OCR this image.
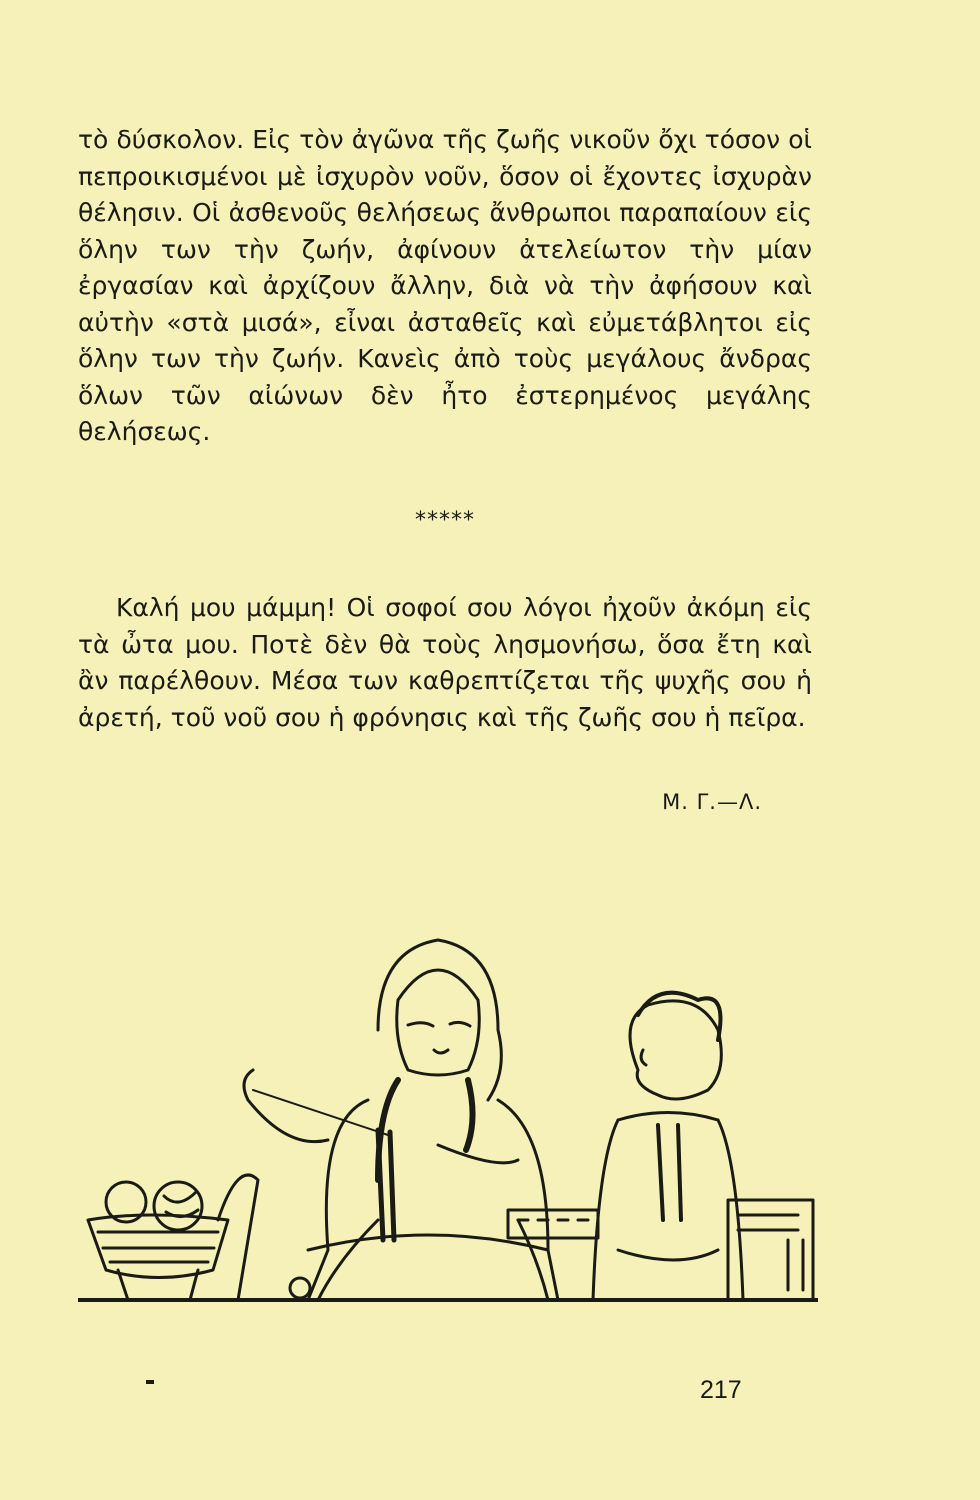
τὸ δύσκολον. Εἰς τὸν ἀγῶνα τῆς ζωῆς νικοῦν ὄχι τόσον οἱ πεπροικισμένοι μὲ ἰσχυρὸν νοῦν, ὅσον οἱ ἔχοντες ἰσχυρὰν θέλησιν. Οἱ ἀσθενοῦς θελήσεως ἄνθρωποι παραπαίουν εἰς ὅλην των τὴν ζωήν, ἀφίνουν ἀτελείωτον τὴν μίαν ἐργασίαν καὶ ἀρχίζουν ἄλλην, διὰ νὰ τὴν ἀφήσουν καὶ αὐτὴν «στὰ μισά», εἶναι ἀσταθεῖς καὶ εὐμετάβλητοι εἰς ὅλην των τὴν ζωήν. Κανεὶς ἀπὸ τοὺς μεγάλους ἄνδρας ὅλων τῶν αἰώνων δὲν ἦτο ἐστερημένος μεγάλης θελήσεως.

*****
Καλή μου μάμμη! Οἱ σοφοί σου λόγοι ἠχοῦν ἀκόμη εἰς τὰ ὦτα μου. Ποτὲ δὲν θὰ τοὺς λησμονήσω, ὅσα ἔτη καὶ ἂν παρέλθουν. Μέσα των καθρεπτίζεται τῆς ψυχῆς σου ἡ ἀρετή, τοῦ νοῦ σου ἡ φρόνησις καὶ τῆς ζωῆς σου ἡ πεῖρα.
Μ. Γ.—Λ.
217
